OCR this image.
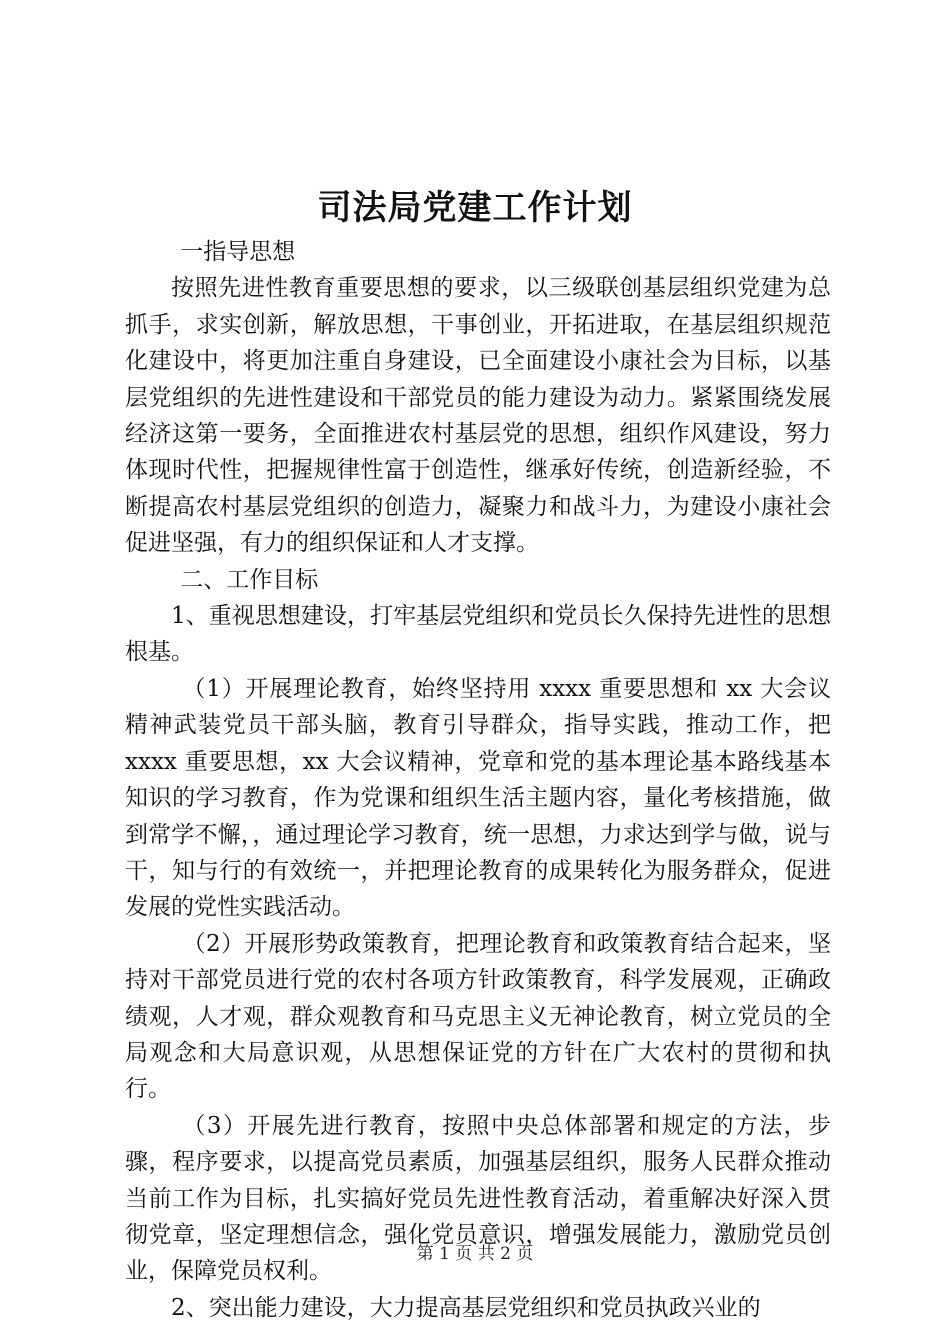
司法局党建工作计划

一指导思想

按照先进性教育重要思想的要求，以三级联创基层组织党建为总抓手，求实创新，解放思想，干事创业，开拓进取，在基层组织规范化建设中，将更加注重自身建设，已全面建设小康社会为目标，以基层党组织的先进性建设和干部党员的能力建设为动力。紧紧围绕发展经济这第一要务，全面推进农村基层党的思想，组织作风建设，努力体现时代性，把握规律性富于创造性，继承好传统，创造新经验，不断提高农村基层党组织的创造力，凝聚力和战斗力，为建设小康社会促进坚强，有力的组织保证和人才支撑。

二、工作目标

1、重视思想建设，打牢基层党组织和党员长久保持先进性的思想根基。

（1）开展理论教育，始终坚持用 xxxx 重要思想和 xx 大会议精神武装党员干部头脑，教育引导群众，指导实践，推动工作，把 xxxx 重要思想，xx 大会议精神，党章和党的基本理论基本路线基本知识的学习教育，作为党课和组织生活主题内容，量化考核措施，做到常学不懈，，通过理论学习教育，统一思想，力求达到学与做，说与干，知与行的有效统一，并把理论教育的成果转化为服务群众，促进发展的党性实践活动。

（2）开展形势政策教育，把理论教育和政策教育结合起来，坚持对干部党员进行党的农村各项方针政策教育，科学发展观，正确政绩观，人才观，群众观教育和马克思主义无神论教育，树立党员的全局观念和大局意识观，从思想保证党的方针在广大农村的贯彻和执行。

（3）开展先进行教育，按照中央总体部署和规定的方法，步骤，程序要求，以提高党员素质，加强基层组织，服务人民群众推动当前工作为目标，扎实搞好党员先进性教育活动，着重解决好深入贯彻党章，坚定理想信念，强化党员意识，增强发展能力，激励党员创业，保障党员权利。

2、突出能力建设，大力提高基层党组织和党员执政兴业的

第 1 页 共 2 页
